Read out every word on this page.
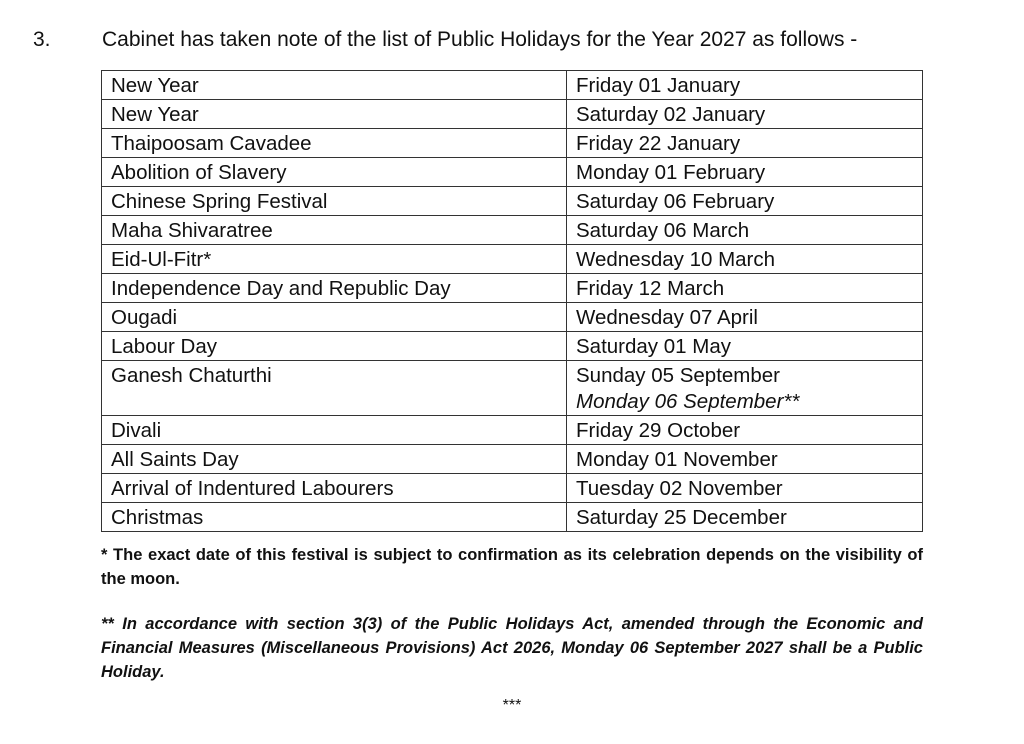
3. Cabinet has taken note of the list of Public Holidays for the Year 2027 as follows -
New Year	Friday 01 January

New Year	Saturday 02 January

Thaipoosam Cavadee	Friday 22 January

Abolition of Slavery	Monday 01 February

Chinese Spring Festival	Saturday 06 February

Maha Shivaratree	Saturday 06 March

Eid-Ul-Fitr*	Wednesday 10 March

Independence Day and Republic Day	Friday 12 March

Ougadi	Wednesday 07 April

Labour Day	Saturday 01 May

Ganesh Chaturthi	Sunday 05 September
Monday 06 September**

Divali	Friday 29 October

All Saints Day	Monday 01 November

Arrival of Indentured Labourers	Tuesday 02 November

Christmas	Saturday 25 December
* The exact date of this festival is subject to confirmation as its celebration depends on the visibility of the moon.
** In accordance with section 3(3) of the Public Holidays Act, amended through the Economic and Financial Measures (Miscellaneous Provisions) Act 2026, Monday 06 September 2027 shall be a Public Holiday.
***
